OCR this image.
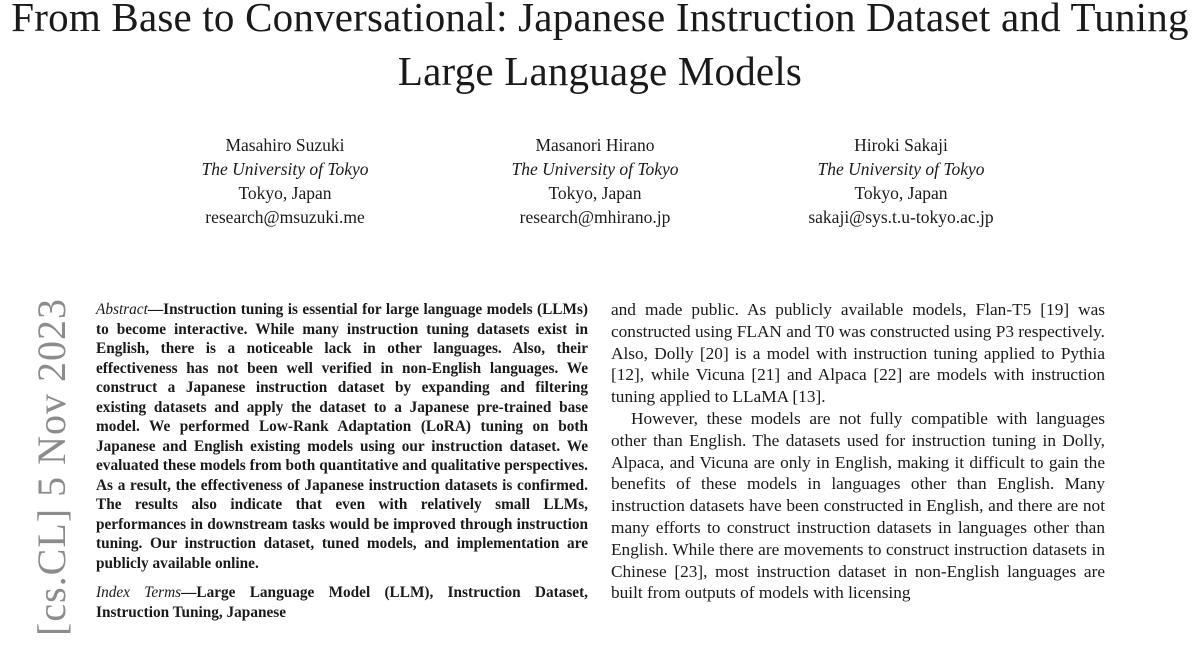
From Base to Conversational: Japanese Instruction Dataset and Tuning Large Language Models
Masahiro Suzuki
The University of Tokyo
Tokyo, Japan
research@msuzuki.me
Masanori Hirano
The University of Tokyo
Tokyo, Japan
research@mhirano.jp
Hiroki Sakaji
The University of Tokyo
Tokyo, Japan
sakaji@sys.t.u-tokyo.ac.jp
[cs.CL] 5 Nov 2023 Abstract—Instruction tuning is essential for large language models (LLMs) to become interactive. While many instruction tuning datasets exist in English, there is a noticeable lack in other languages. Also, their effectiveness has not been well verified in non-English languages. We construct a Japanese instruction dataset by expanding and filtering existing datasets and apply the dataset to a Japanese pre-trained base model. We performed Low-Rank Adaptation (LoRA) tuning on both Japanese and English existing models using our instruction dataset. We evaluated these models from both quantitative and qualitative perspectives. As a result, the effectiveness of Japanese instruction datasets is confirmed. The results also indicate that even with relatively small LLMs, performances in downstream tasks would be improved through instruction tuning. Our instruction dataset, tuned models, and implementation are publicly available online.

Index Terms—Large Language Model (LLM), Instruction Dataset, Instruction Tuning, Japanese

and made public. As publicly available models, Flan-T5 [19] was constructed using FLAN and T0 was constructed using P3 respectively. Also, Dolly [20] is a model with instruction tuning applied to Pythia [12], while Vicuna [21] and Alpaca [22] are models with instruction tuning applied to LLaMA [13].

However, these models are not fully compatible with languages other than English. The datasets used for instruction tuning in Dolly, Alpaca, and Vicuna are only in English, making it difficult to gain the benefits of these models in languages other than English. Many instruction datasets have been constructed in English, and there are not many efforts to construct instruction datasets in languages other than English. While there are movements to construct instruction datasets in Chinese [23], most instruction dataset in non-English languages are built from outputs of models with licensing
